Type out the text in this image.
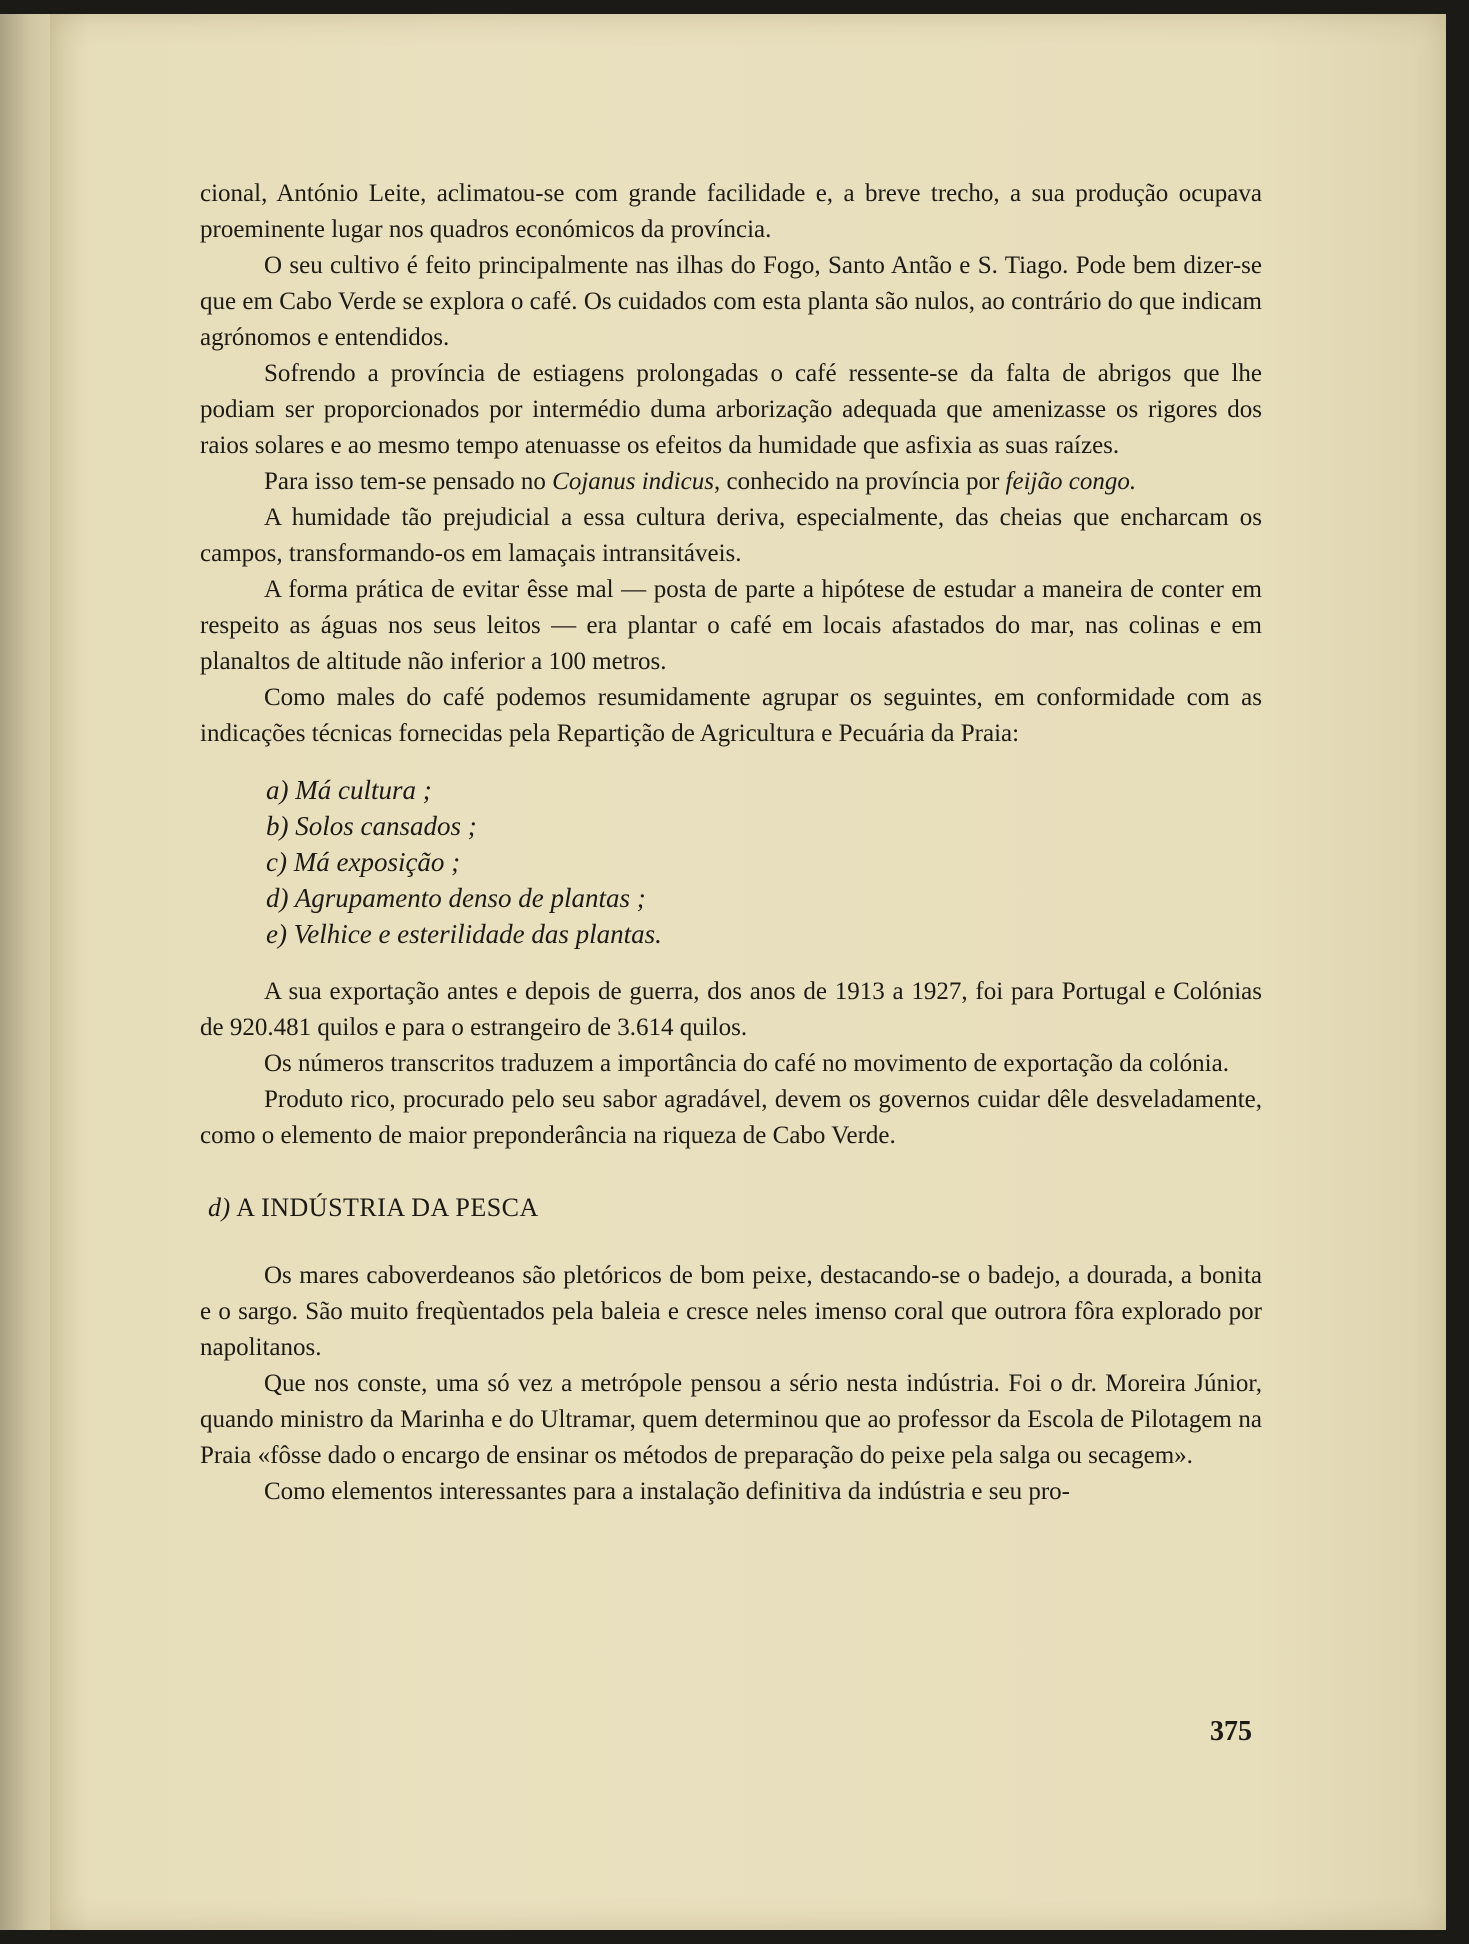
cional, António Leite, aclimatou-se com grande facilidade e, a breve trecho, a sua produção ocupava proeminente lugar nos quadros económicos da província.

O seu cultivo é feito principalmente nas ilhas do Fogo, Santo Antão e S. Tiago. Pode bem dizer-se que em Cabo Verde se explora o café. Os cuidados com esta planta são nulos, ao contrário do que indicam agrónomos e entendidos.

Sofrendo a província de estiagens prolongadas o café ressente-se da falta de abrigos que lhe podiam ser proporcionados por intermédio duma arborização adequada que amenizasse os rigores dos raios solares e ao mesmo tempo atenuasse os efeitos da humidade que asfixia as suas raízes.

Para isso tem-se pensado no Cojanus indicus, conhecido na província por feijão congo.

A humidade tão prejudicial a essa cultura deriva, especialmente, das cheias que encharcam os campos, transformando-os em lamaçais intransitáveis.

A forma prática de evitar êsse mal — posta de parte a hipótese de estudar a maneira de conter em respeito as águas nos seus leitos — era plantar o café em locais afastados do mar, nas colinas e em planaltos de altitude não inferior a 100 metros.

Como males do café podemos resumidamente agrupar os seguintes, em conformidade com as indicações técnicas fornecidas pela Repartição de Agricultura e Pecuária da Praia:

a) Má cultura ;
b) Solos cansados ;
c) Má exposição ;
d) Agrupamento denso de plantas ;
e) Velhice e esterilidade das plantas.

A sua exportação antes e depois de guerra, dos anos de 1913 a 1927, foi para Portugal e Colónias de 920.481 quilos e para o estrangeiro de 3.614 quilos.

Os números transcritos traduzem a importância do café no movimento de exportação da colónia.

Produto rico, procurado pelo seu sabor agradável, devem os governos cuidar dêle desveladamente, como o elemento de maior preponderância na riqueza de Cabo Verde.

d) A INDÚSTRIA DA PESCA

Os mares caboverdeanos são pletóricos de bom peixe, destacando-se o badejo, a dourada, a bonita e o sargo. São muito freqùentados pela baleia e cresce neles imenso coral que outrora fôra explorado por napolitanos.

Que nos conste, uma só vez a metrópole pensou a sério nesta indústria. Foi o dr. Moreira Júnior, quando ministro da Marinha e do Ultramar, quem determinou que ao professor da Escola de Pilotagem na Praia «fôsse dado o encargo de ensinar os métodos de preparação do peixe pela salga ou secagem».

Como elementos interessantes para a instalação definitiva da indústria e seu pro-

375
